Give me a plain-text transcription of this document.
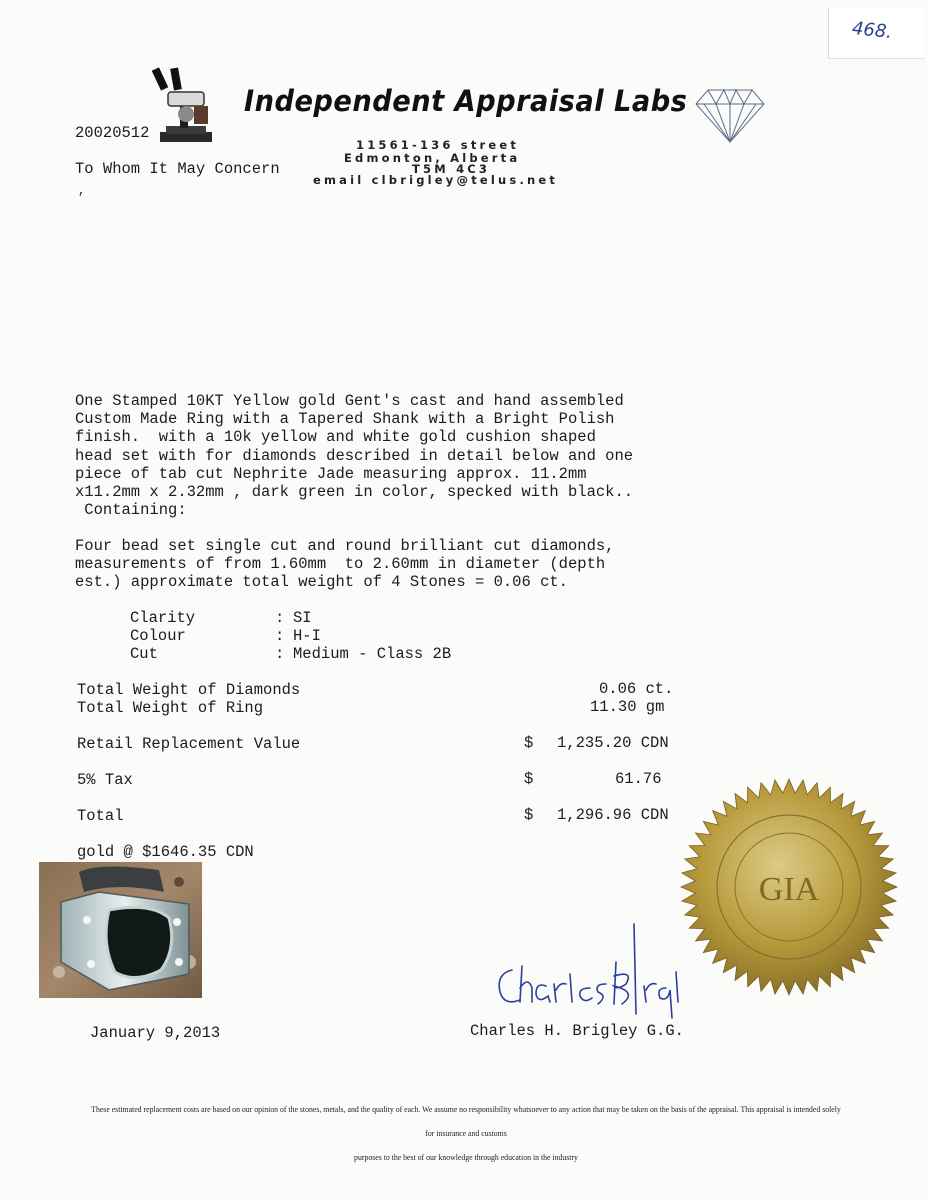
468.
Independent Appraisal Labs
11561-136 street
Edmonton, Alberta
T5M 4C3
email clbrigley@telus.net
20020512
To Whom It May Concern
,
One Stamped 10KT Yellow gold Gent's cast and hand assembled
Custom Made Ring with a Tapered Shank with a Bright Polish
finish.  with a 10k yellow and white gold cushion shaped
head set with for diamonds described in detail below and one
piece of tab cut Nephrite Jade measuring approx. 11.2mm
x11.2mm x 2.32mm , dark green in color, specked with black..
Containing:
Four bead set single cut and round brilliant cut diamonds,
measurements of from 1.60mm  to 2.60mm in diameter (depth
est.) approximate total weight of 4 Stones = 0.06 ct.
Clarity	: SI
Colour	: H-I
Cut	: Medium - Class 2B
Total Weight of Diamonds	0.06 ct.
Total Weight of Ring	11.30 gm
Retail Replacement Value	$ 1,235.20 CDN
5% Tax	$	61.76
Total	$ 1,296.96 CDN
gold @ $1646.35 CDN
GIA
January 9,2013	Charles H. Brigley G.G.
These estimated replacement costs are based on our opinion of the stones, metals, and the quality of each. We assume no responsibility whatsoever to any action that may be taken on the basis of the appraisal. This appraisal is intended solely for insurance and customs
purposes to the best of our knowledge through education in the industry
